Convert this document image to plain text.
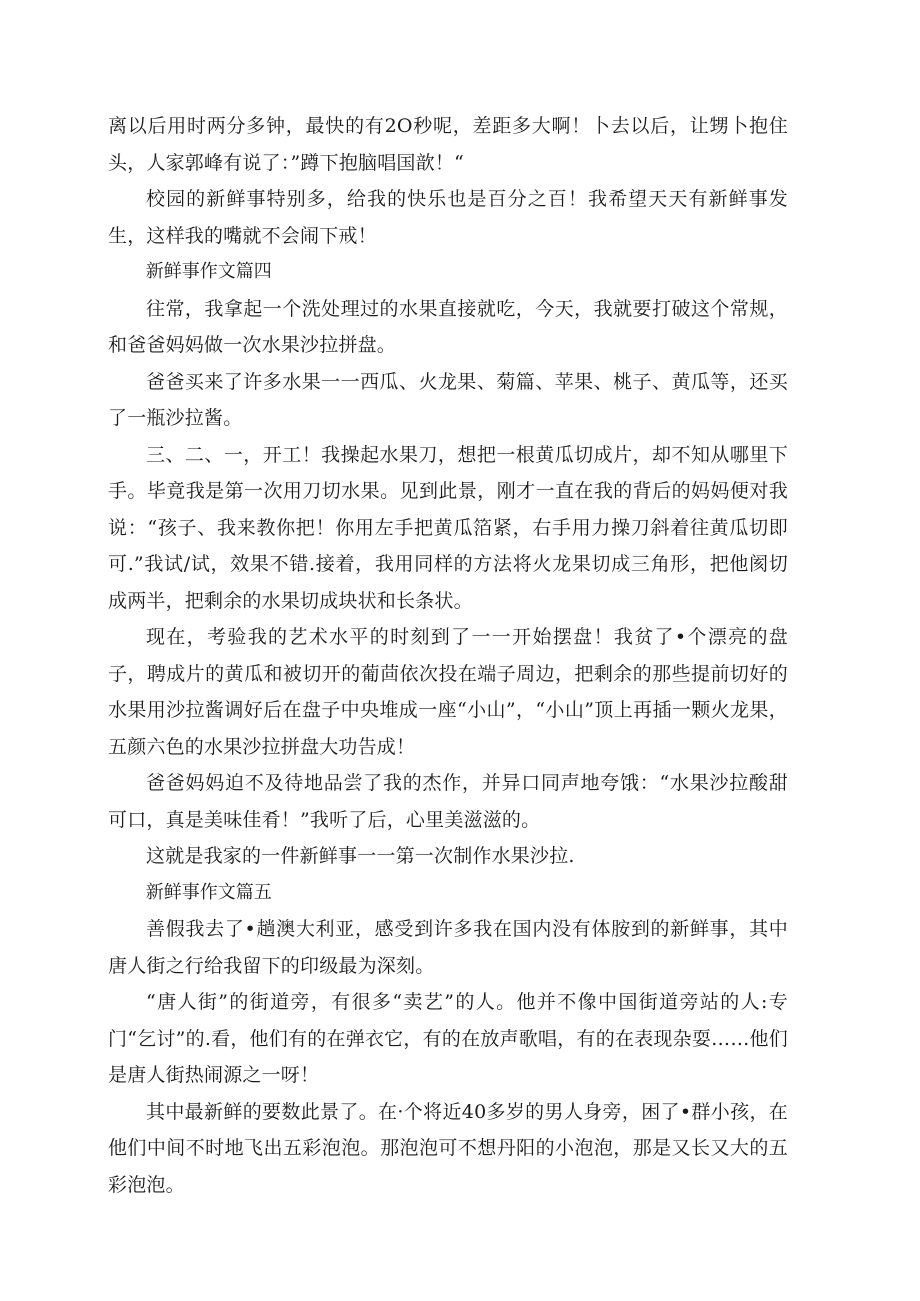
离以后用时两分多钟，最快的有2O秒呢，差距多大啊！卜去以后，让甥卜抱住头，人家郭峰有说了：”蹲下抱脑唱国歆！“

校园的新鲜事特别多，给我的快乐也是百分之百！我希望天天有新鲜事发生，这样我的嘴就不会闹下戒！

新鲜事作文篇四

往常，我拿起一个洗处理过的水果直接就吃，今天，我就要打破这个常规，和爸爸妈妈做一次水果沙拉拼盘。

爸爸买来了许多水果一一西瓜、火龙果、菊篇、苹果、桃子、黄瓜等，还买了一瓶沙拉酱。

三、二、一，开工！我操起水果刀，想把一根黄瓜切成片，却不知从哪里下手。毕竟我是第一次用刀切水果。见到此景，刚才一直在我的背后的妈妈便对我说：“孩子、我来教你把！你用左手把黄瓜箔紧，右手用力操刀斜着往黄瓜切即可.”我试/试，效果不错.接着，我用同样的方法将火龙果切成三角形，把他阂切成两半，把剩余的水果切成块状和长条状。

现在，考验我的艺术水平的时刻到了一一开始摆盘！我贫了•个漂亮的盘子，聘成片的黄瓜和被切开的葡茴依次投在端子周边，把剩余的那些提前切好的水果用沙拉酱调好后在盘子中央堆成一座“小山”，“小山”顶上再插一颗火龙果，五颜六色的水果沙拉拼盘大功告成！

爸爸妈妈迫不及待地品尝了我的杰作，并异口同声地夸饿：“水果沙拉酸甜可口，真是美味佳肴！”我听了后，心里美滋滋的。

这就是我家的一件新鲜事一一第一次制作水果沙拉.

新鲜事作文篇五

善假我去了•趟澳大利亚，感受到许多我在国内没有体胺到的新鲜事，其中唐人街之行给我留下的印级最为深刻。

“唐人街”的街道旁，有很多“卖艺”的人。他并不像中国街道旁站的人:专门“乞讨”的.看，他们有的在弹衣它，有的在放声歌唱，有的在表现杂耍……他们是唐人街热闹源之一呀！

其中最新鲜的要数此景了。在·个将近40多岁的男人身旁，困了•群小孩，在他们中间不时地飞出五彩泡泡。那泡泡可不想丹阳的小泡泡，那是又长又大的五彩泡泡。
